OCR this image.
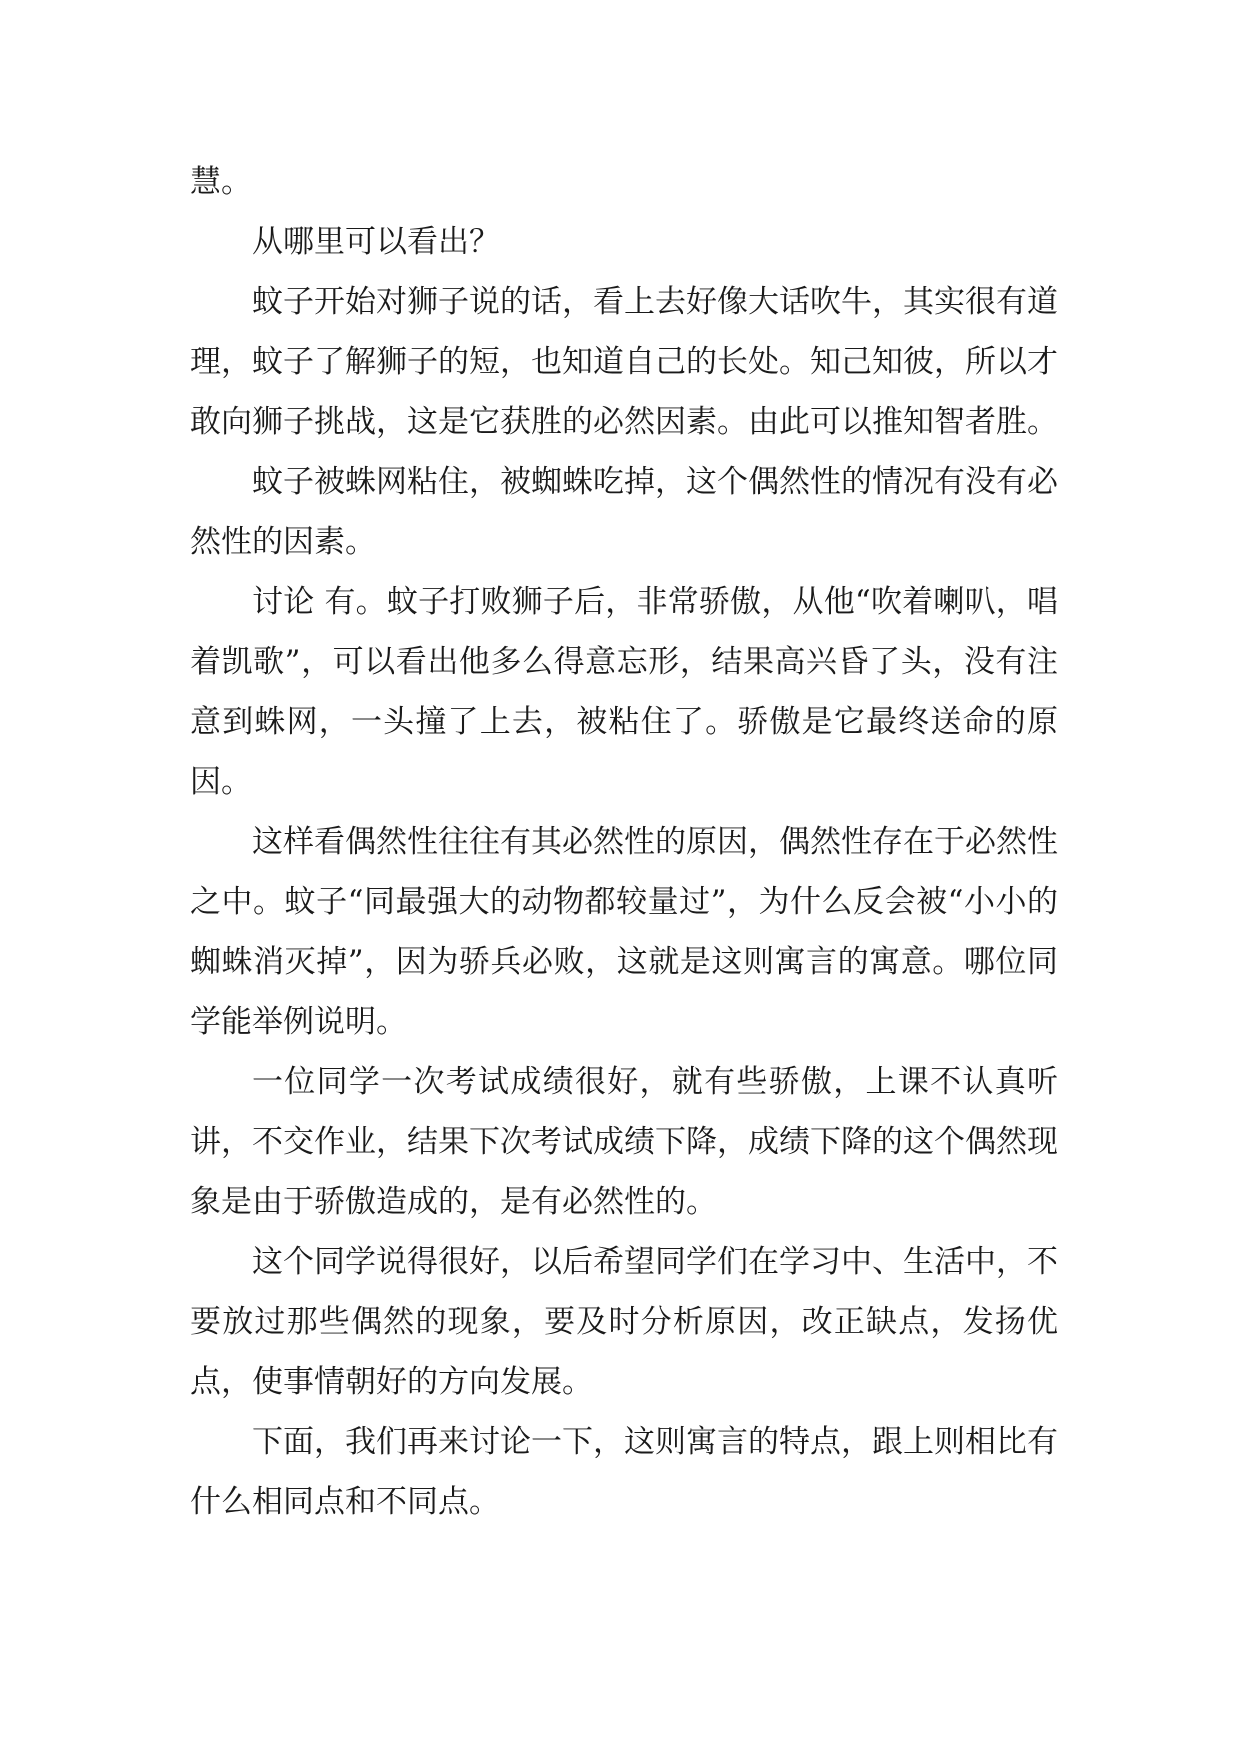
慧。

从哪里可以看出？

蚊子开始对狮子说的话，看上去好像大话吹牛，其实很有道理，蚊子了解狮子的短，也知道自己的长处。知己知彼，所以才敢向狮子挑战，这是它获胜的必然因素。由此可以推知智者胜。

蚊子被蛛网粘住，被蜘蛛吃掉，这个偶然性的情况有没有必然性的因素。

讨论 有。蚊子打败狮子后，非常骄傲，从他“吹着喇叭，唱着凯歌”，可以看出他多么得意忘形，结果高兴昏了头，没有注意到蛛网，一头撞了上去，被粘住了。骄傲是它最终送命的原因。

这样看偶然性往往有其必然性的原因，偶然性存在于必然性之中。蚊子“同最强大的动物都较量过”，为什么反会被“小小的蜘蛛消灭掉”，因为骄兵必败，这就是这则寓言的寓意。哪位同学能举例说明。

一位同学一次考试成绩很好，就有些骄傲，上课不认真听讲，不交作业，结果下次考试成绩下降，成绩下降的这个偶然现象是由于骄傲造成的，是有必然性的。

这个同学说得很好，以后希望同学们在学习中、生活中，不要放过那些偶然的现象，要及时分析原因，改正缺点，发扬优点，使事情朝好的方向发展。

下面，我们再来讨论一下，这则寓言的特点，跟上则相比有什么相同点和不同点。
